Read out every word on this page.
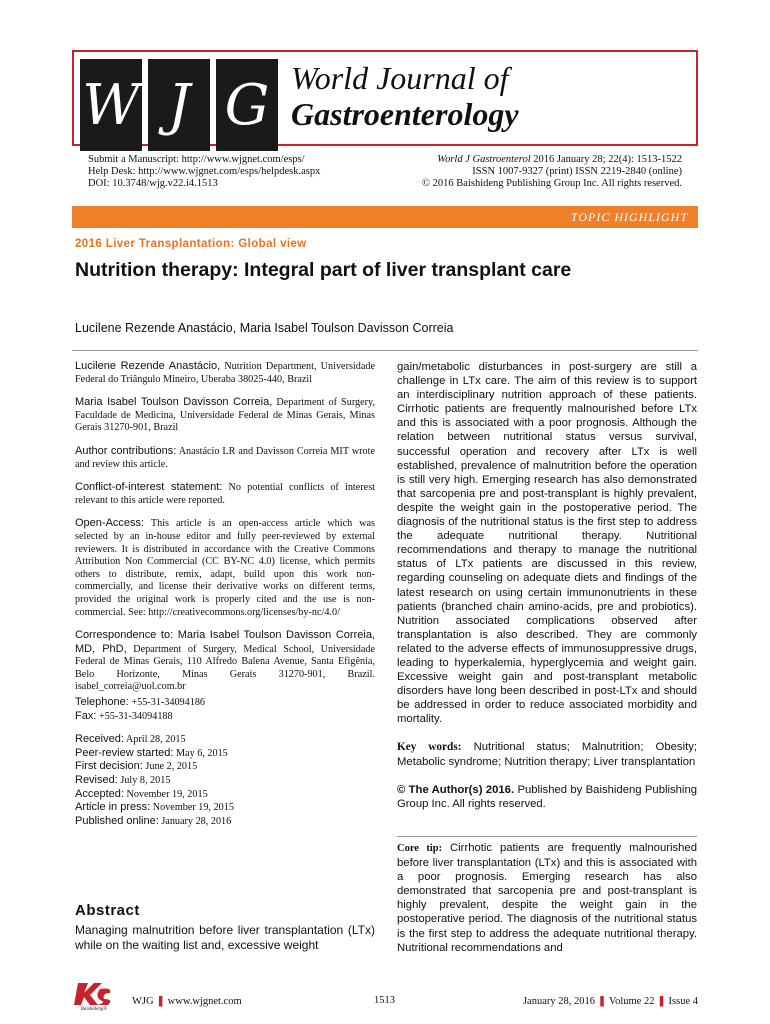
W J G World Journal of
Gastroenterology
Submit a Manuscript: http://www.wjgnet.com/esps/
Help Desk: http://www.wjgnet.com/esps/helpdesk.aspx
DOI: 10.3748/wjg.v22.i4.1513
World J Gastroenterol 2016 January 28; 22(4): 1513-1522
ISSN 1007-9327 (print) ISSN 2219-2840 (online)
© 2016 Baishideng Publishing Group Inc. All rights reserved.
TOPIC HIGHLIGHT
2016 Liver Transplantation: Global view
Nutrition therapy: Integral part of liver transplant care
Lucilene Rezende Anastácio, Maria Isabel Toulson Davisson Correia

Lucilene Rezende Anastácio, Nutrition Department, Universidade Federal do Triângulo Mineiro, Uberaba 38025-440, Brazil

Maria Isabel Toulson Davisson Correia, Department of Surgery, Faculdade de Medicina, Universidade Federal de Minas Gerais, Minas Gerais 31270-901, Brazil

Author contributions: Anastácio LR and Davisson Correia MIT wrote and review this article.

Conflict-of-interest statement: No potential conflicts of interest relevant to this article were reported.

Open-Access: This article is an open-access article which was selected by an in-house editor and fully peer-reviewed by external reviewers. It is distributed in accordance with the Creative Commons Attribution Non Commercial (CC BY-NC 4.0) license, which permits others to distribute, remix, adapt, build upon this work non-commercially, and license their derivative works on different terms, provided the original work is properly cited and the use is non-commercial. See: http://creativecommons.org/licenses/by-nc/4.0/

Correspondence to: Maria Isabel Toulson Davisson Correia, MD, PhD, Department of Surgery, Medical School, Universidade Federal de Minas Gerais, 110 Alfredo Balena Avenue, Santa Efigênia, Belo Horizonte, Minas Gerais 31270-901, Brazil. isabel_correia@uol.com.br

Telephone: +55-31-34094186
Fax: +55-31-34094188
Received: April 28, 2015
Peer-review started: May 6, 2015
First decision: June 2, 2015
Revised: July 8, 2015
Accepted: November 19, 2015
Article in press: November 19, 2015
Published online: January 28, 2016
Abstract
Managing malnutrition before liver transplantation (LTx) while on the waiting list and, excessive weight
gain/metabolic disturbances in post-surgery are still a challenge in LTx care. The aim of this review is to support an interdisciplinary nutrition approach of these patients. Cirrhotic patients are frequently malnourished before LTx and this is associated with a poor prognosis. Although the relation between nutritional status versus survival, successful operation and recovery after LTx is well established, prevalence of malnutrition before the operation is still very high. Emerging research has also demonstrated that sarcopenia pre and post-transplant is highly prevalent, despite the weight gain in the postoperative period. The diagnosis of the nutritional status is the first step to address the adequate nutritional therapy. Nutritional recommendations and therapy to manage the nutritional status of LTx patients are discussed in this review, regarding counseling on adequate diets and findings of the latest research on using certain immunonutrients in these patients (branched chain amino-acids, pre and probiotics). Nutrition associated complications observed after transplantation is also described. They are commonly related to the adverse effects of immunosuppressive drugs, leading to hyperkalemia, hyperglycemia and weight gain. Excessive weight gain and post-transplant metabolic disorders have long been described in post-LTx and should be addressed in order to reduce associated morbidity and mortality.
Key words: Nutritional status; Malnutrition; Obesity; Metabolic syndrome; Nutrition therapy; Liver transplantation
© The Author(s) 2016. Published by Baishideng Publishing Group Inc. All rights reserved.
Core tip: Cirrhotic patients are frequently malnourished before liver transplantation (LTx) and this is associated with a poor prognosis. Emerging research has also demonstrated that sarcopenia pre and post-transplant is highly prevalent, despite the weight gain in the postoperative period. The diagnosis of the nutritional status is the first step to address the adequate nutritional therapy. Nutritional recommendations and
Baishideng®
WJG ❚ www.wjgnet.com	1513	January 28, 2016 ❚ Volume 22 ❚ Issue 4
